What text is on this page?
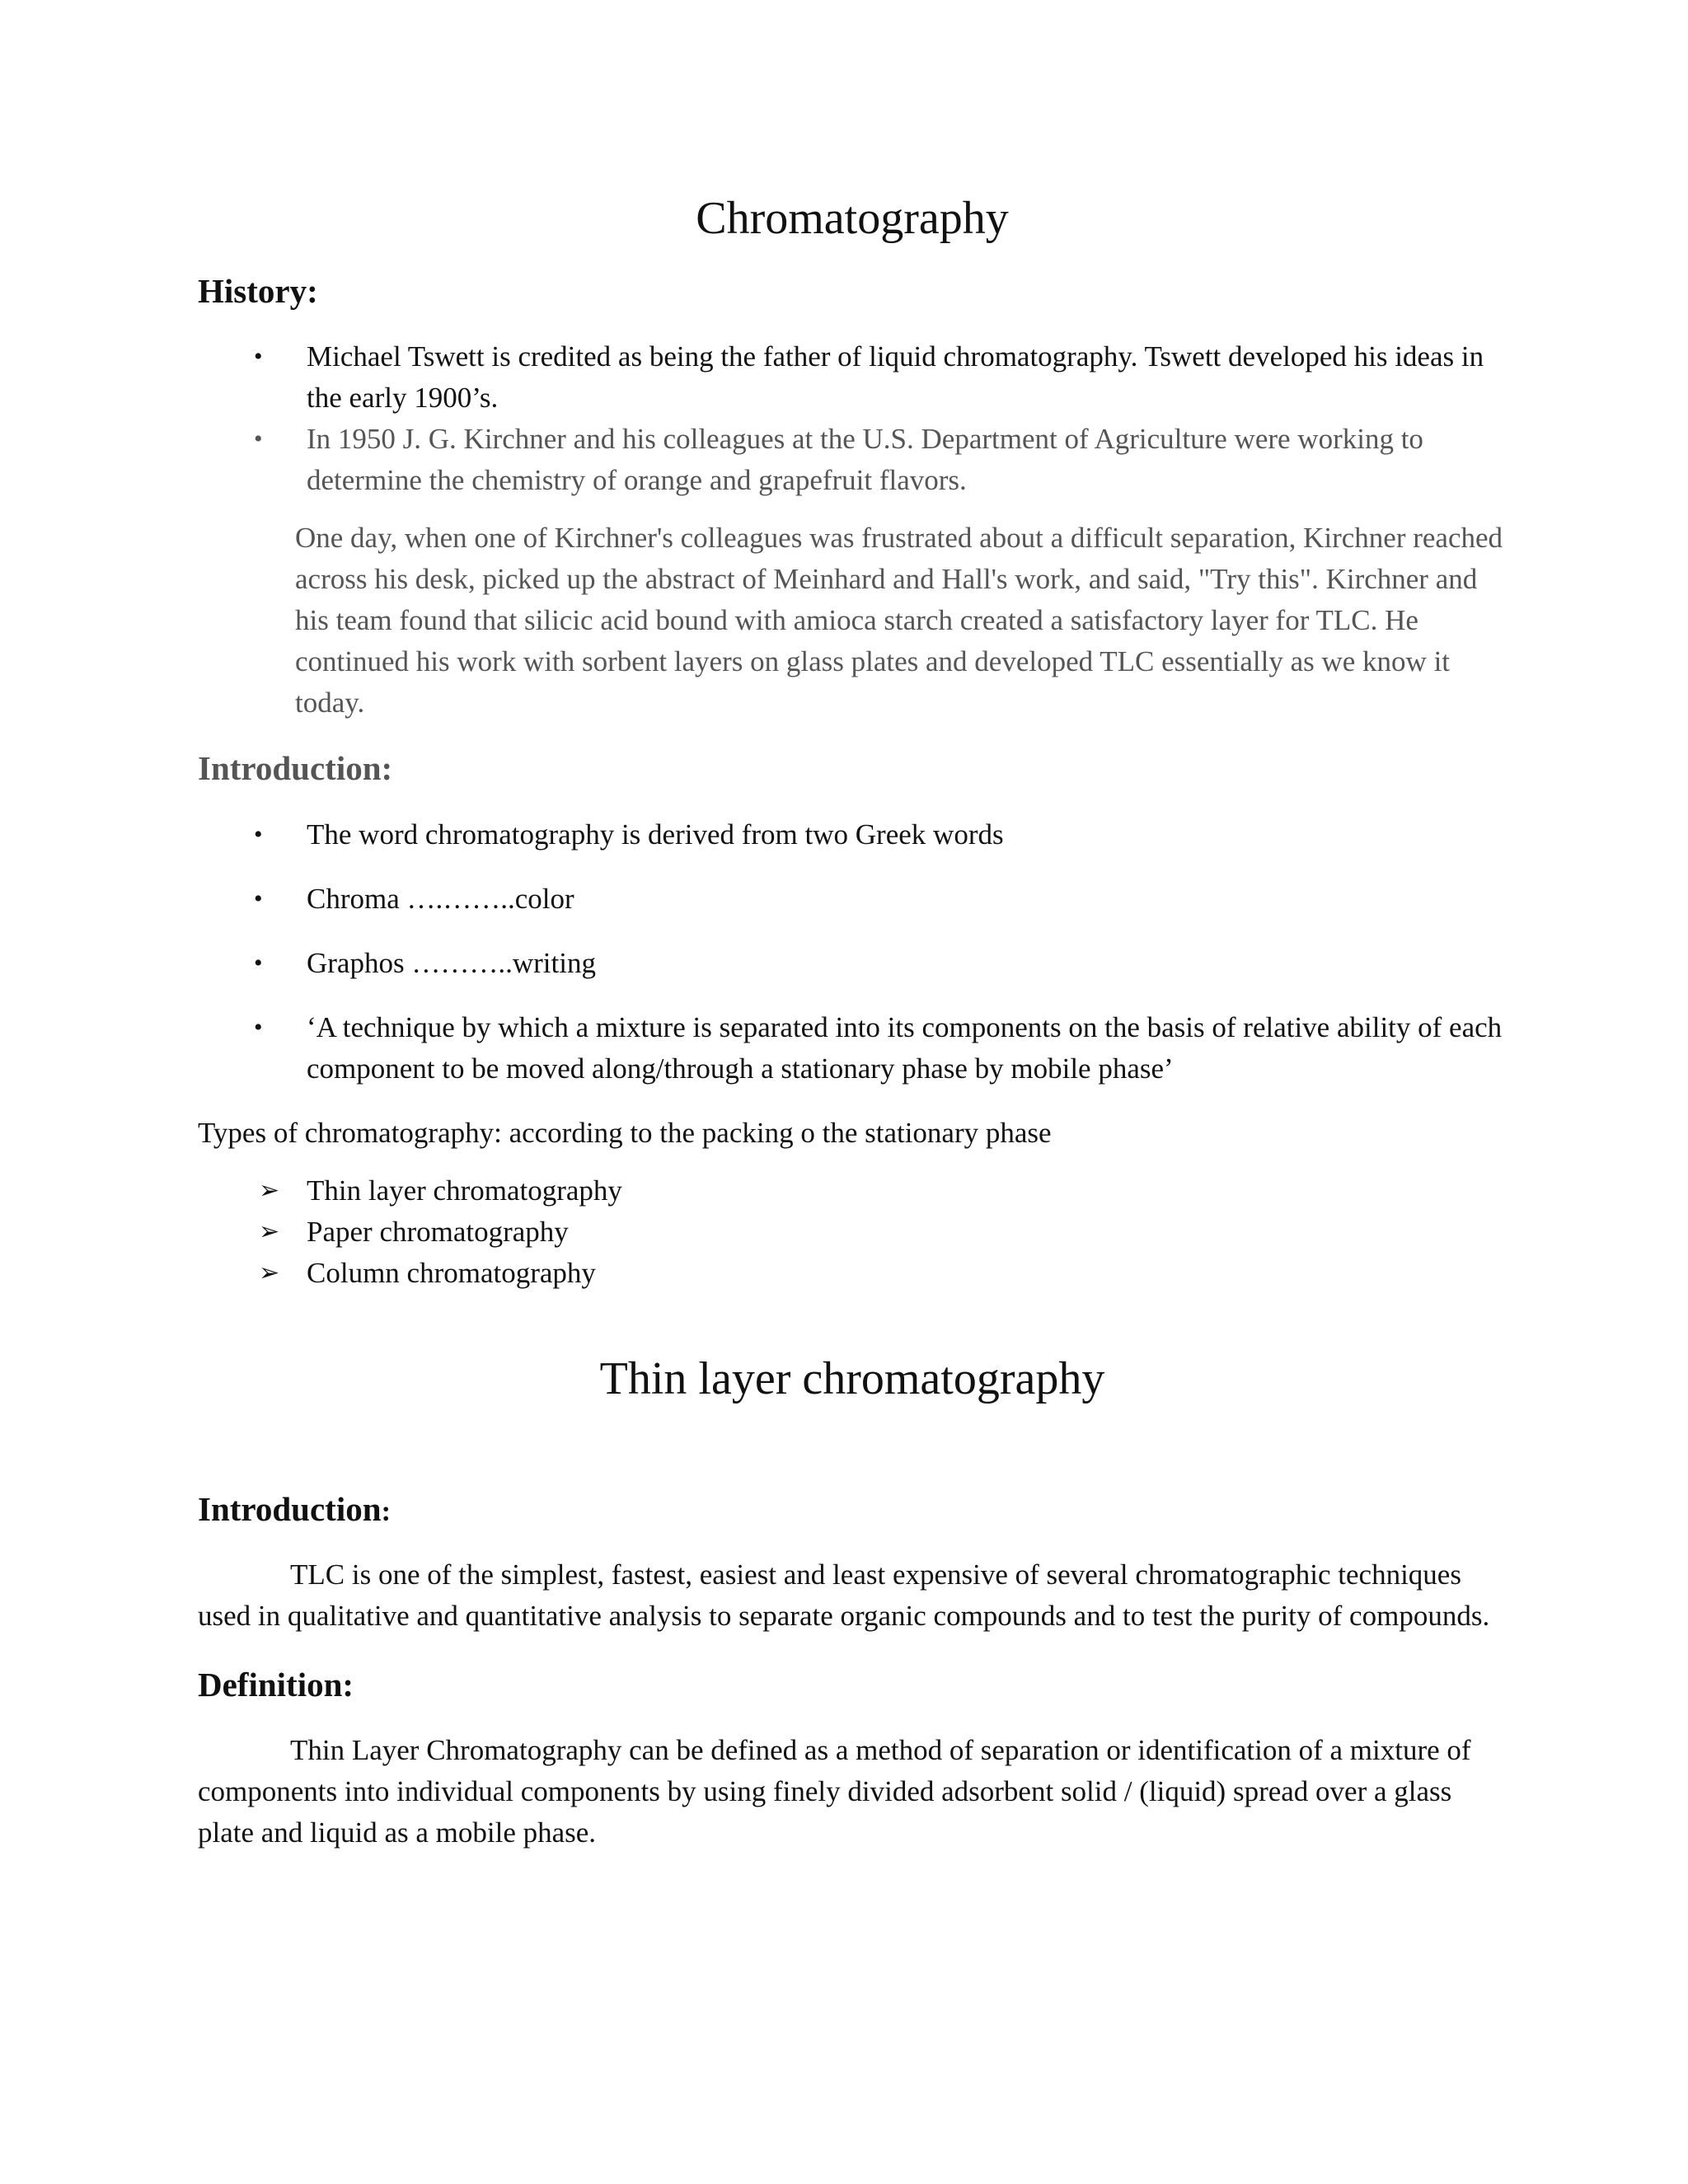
Chromatography
History:
• Michael Tswett is credited as being the father of liquid chromatography. Tswett developed his ideas in the early 1900’s.
• In 1950 J. G. Kirchner and his colleagues at the U.S. Department of Agriculture were working to determine the chemistry of orange and grapefruit flavors.

One day, when one of Kirchner's colleagues was frustrated about a difficult separation, Kirchner reached across his desk, picked up the abstract of Meinhard and Hall's work, and said, "Try this". Kirchner and his team found that silicic acid bound with amioca starch created a satisfactory layer for TLC. He continued his work with sorbent layers on glass plates and developed TLC essentially as we know it today.

Introduction:
• The word chromatography is derived from two Greek words
• Chroma ….……..color
• Graphos ………..writing
• ‘A technique by which a mixture is separated into its components on the basis of relative ability of each component to be moved along/through a stationary phase by mobile phase’
Types of chromatography: according to the packing o the stationary phase
➢ Thin layer chromatography
➢ Paper chromatography
➢ Column chromatography
Thin layer chromatography
Introduction:

TLC is one of the simplest, fastest, easiest and least expensive of several chromatographic techniques used in qualitative and quantitative analysis to separate organic compounds and to test the purity of compounds.

Definition:

Thin Layer Chromatography can be defined as a method of separation or identification of a mixture of components into individual components by using finely divided adsorbent solid / (liquid) spread over a glass plate and liquid as a mobile phase.
